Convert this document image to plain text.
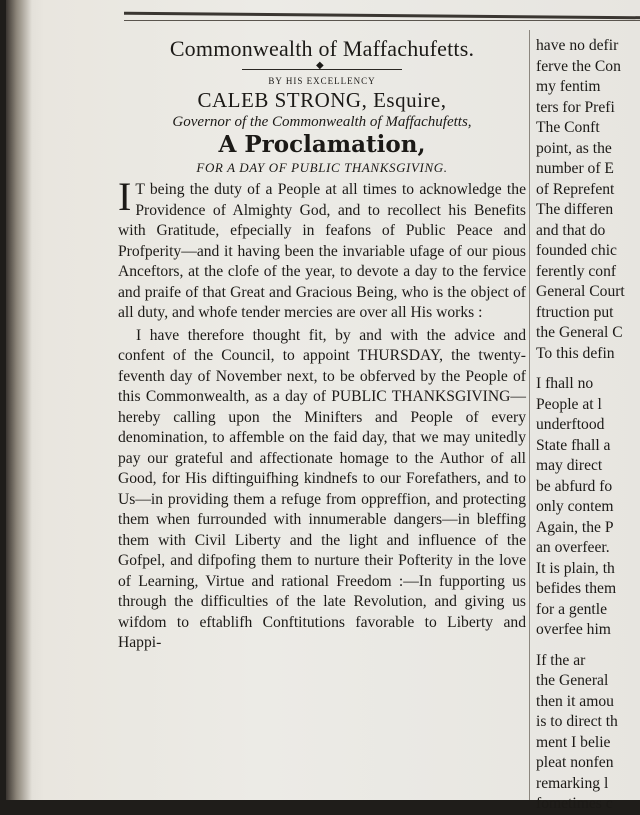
Commonwealth of Maffachufetts.
◆
BY HIS EXCELLENCY
CALEB STRONG, Esquire,
Governor of the Commonwealth of Maffachufetts,
A Proclamation,
FOR A DAY OF PUBLIC THANKSGIVING.
IT being the duty of a People at all times to acknowledge the Providence of Almighty God, and to recollect his Benefits with Gratitude, efpecially in feafons of Public Peace and Profperity—and it having been the invariable ufage of our pious Anceftors, at the clofe of the year, to devote a day to the fervice and praife of that Great and Gracious Being, who is the object of all duty, and whofe tender mercies are over all His works :
I have therefore thought fit, by and with the advice and confent of the Council, to appoint THURSDAY, the twenty-feventh day of November next, to be obferved by the People of this Commonwealth, as a day of PUBLIC THANKSGIVING—hereby calling upon the Minifters and People of every denomination, to affemble on the faid day, that we may unitedly pay our grateful and affectionate homage to the Author of all Good, for His diftinguifhing kindnefs to our Forefathers, and to Us—in providing them a refuge from oppreffion, and protecting them when furrounded with innumerable dangers—in bleffing them with Civil Liberty and the light and influence of the Gofpel, and difpofing them to nurture their Pofterity in the love of Learning, Virtue and rational Freedom :—In fupporting us through the difficulties of the late Revolution, and giving us wifdom to eftablifh Conftitutions favorable to Liberty and Happi-
have no defir
ferve the Con
my fentim
ters for Prefi
The Conft
point, as the
number of E
of Reprefent
The differen
and that do
founded chic
ferently conf
General Court
ftruction put
the General C
To this defin
I fhall no
People at l
underftood
State fhall a
may direct
be abfurd fo
only contem
Again, the P
an overfeer.
It is plain, th
befides them
for a gentle
overfee him
If the ar
the General
then it amou
is to direct th
ment I belie
pleat nonfen
remarking l
fometimes c
